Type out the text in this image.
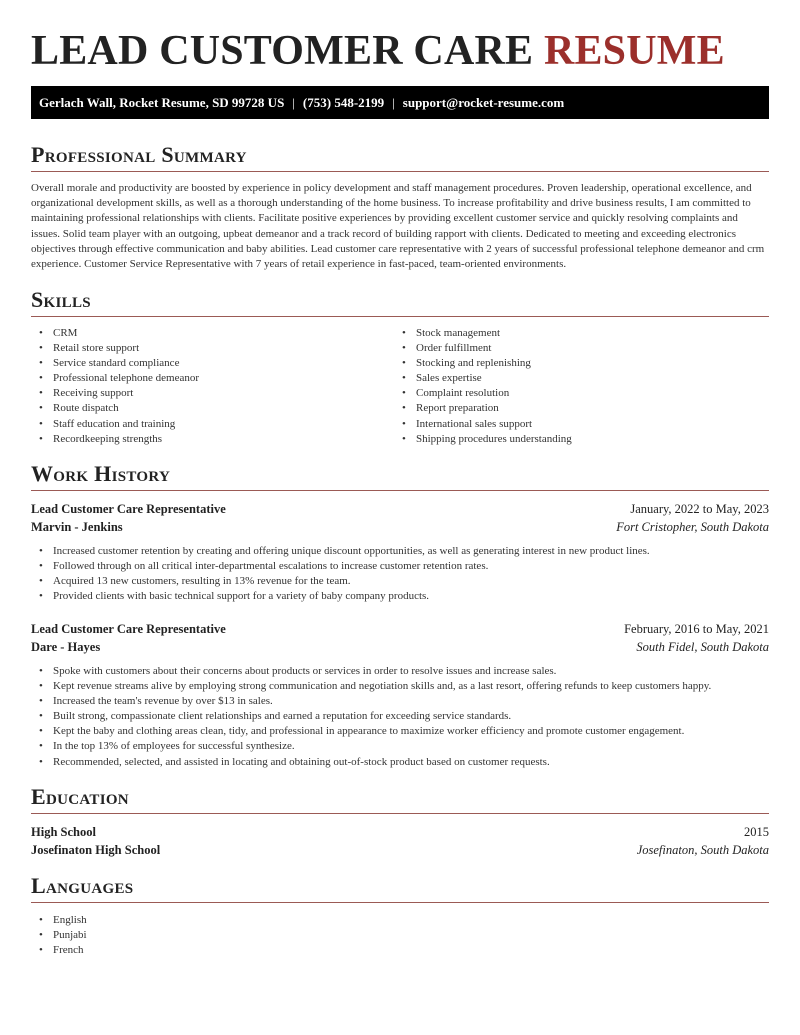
LEAD CUSTOMER CARE RESUME
Gerlach Wall, Rocket Resume, SD 99728 US | (753) 548-2199 | support@rocket-resume.com
Professional Summary

Overall morale and productivity are boosted by experience in policy development and staff management procedures. Proven leadership, operational excellence, and organizational development skills, as well as a thorough understanding of the home business. To increase profitability and drive business results, I am committed to maintaining professional relationships with clients. Facilitate positive experiences by providing excellent customer service and quickly resolving complaints and issues. Solid team player with an outgoing, upbeat demeanor and a track record of building rapport with clients. Dedicated to meeting and exceeding electronics objectives through effective communication and baby abilities. Lead customer care representative with 2 years of successful professional telephone demeanor and crm experience. Customer Service Representative with 7 years of retail experience in fast-paced, team-oriented environments.

Skills
• CRM
• Retail store support
• Service standard compliance
• Professional telephone demeanor
• Receiving support
• Route dispatch
• Staff education and training
• Recordkeeping strengths
• Stock management
• Order fulfillment
• Stocking and replenishing
• Sales expertise
• Complaint resolution
• Report preparation
• International sales support
• Shipping procedures understanding
Work History
Lead Customer Care Representative	January, 2022 to May, 2023
Marvin - Jenkins	Fort Cristopher, South Dakota
• Increased customer retention by creating and offering unique discount opportunities, as well as generating interest in new product lines.
• Followed through on all critical inter-departmental escalations to increase customer retention rates.
• Acquired 13 new customers, resulting in 13% revenue for the team.
• Provided clients with basic technical support for a variety of baby company products.
Lead Customer Care Representative	February, 2016 to May, 2021
Dare - Hayes	South Fidel, South Dakota
• Spoke with customers about their concerns about products or services in order to resolve issues and increase sales.
• Kept revenue streams alive by employing strong communication and negotiation skills and, as a last resort, offering refunds to keep customers happy.
• Increased the team's revenue by over $13 in sales.
• Built strong, compassionate client relationships and earned a reputation for exceeding service standards.
• Kept the baby and clothing areas clean, tidy, and professional in appearance to maximize worker efficiency and promote customer engagement.
• In the top 13% of employees for successful synthesize.
• Recommended, selected, and assisted in locating and obtaining out-of-stock product based on customer requests.
Education
High School	2015
Josefinaton High School	Josefinaton, South Dakota
Languages
• English
• Punjabi
• French
